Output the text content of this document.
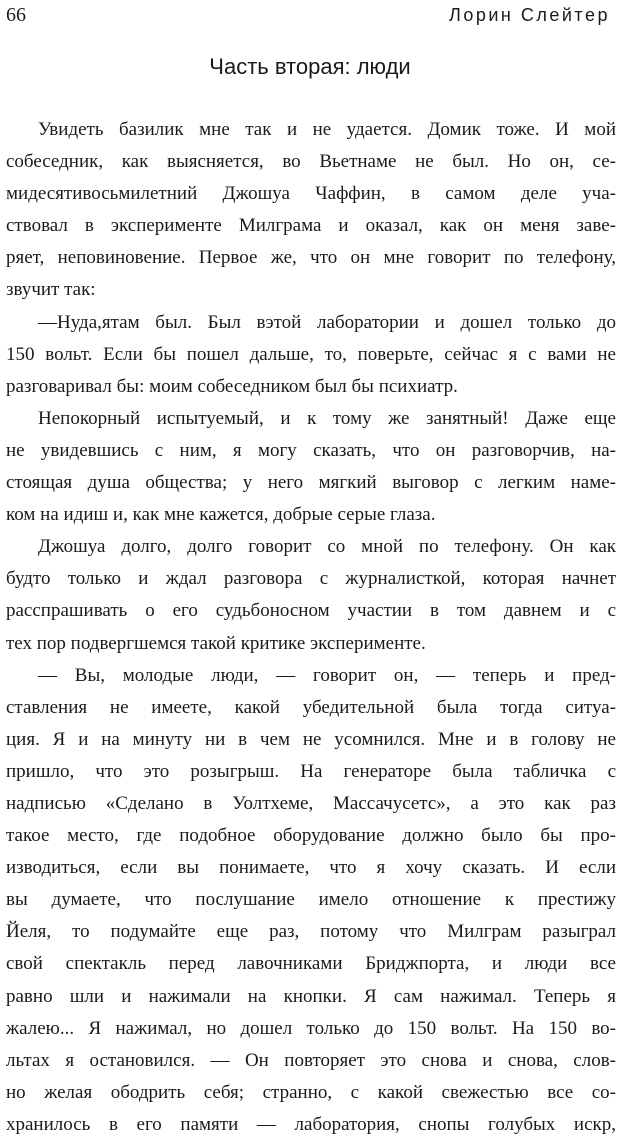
66	Лорин Слейтер
Часть вторая: люди
Увидеть базилик мне так и не удается. Домик тоже. И мой
собеседник, как выясняется, во Вьетнаме не был. Но он, се-
мидесятивосьмилетний Джошуа Чаффин, в самом деле уча-
ствовал в эксперименте Милграма и оказал, как он меня заве-
ряет, неповиновение. Первое же, что он мне говорит по телефону,
звучит так:
—Нуда,ятам был. Был вэтой лаборатории и дошел только до
150 вольт. Если бы пошел дальше, то, поверьте, сейчас я с вами не
разговаривал бы: моим собеседником был бы психиатр.
Непокорный испытуемый, и к тому же занятный! Даже еще
не увидевшись с ним, я могу сказать, что он разговорчив, на-
стоящая душа общества; у него мягкий выговор с легким наме-
ком на идиш и, как мне кажется, добрые серые глаза.
Джошуа долго, долго говорит со мной по телефону. Он как
будто только и ждал разговора с журналисткой, которая начнет
расспрашивать о его судьбоносном участии в том давнем и с
тех пор подвергшемся такой критике эксперименте.
— Вы, молодые люди, — говорит он, — теперь и пред-
ставления не имеете, какой убедительной была тогда ситуа-
ция. Я и на минуту ни в чем не усомнился. Мне и в голову не
пришло, что это розыгрыш. На генераторе была табличка с
надписью «Сделано в Уолтхеме, Массачусетс», а это как раз
такое место, где подобное оборудование должно было бы про-
изводиться, если вы понимаете, что я хочу сказать. И если
вы думаете, что послушание имело отношение к престижу
Йеля, то подумайте еще раз, потому что Милграм разыграл
свой спектакль перед лавочниками Бриджпорта, и люди все
равно шли и нажимали на кнопки. Я сам нажимал. Теперь я
жалею... Я нажимал, но дошел только до 150 вольт. На 150 во-
льтах я остановился. — Он повторяет это снова и снова, слов-
но желая ободрить себя; странно, с какой свежестью все со-
хранилось в его памяти — лаборатория, снопы голубых искр,
